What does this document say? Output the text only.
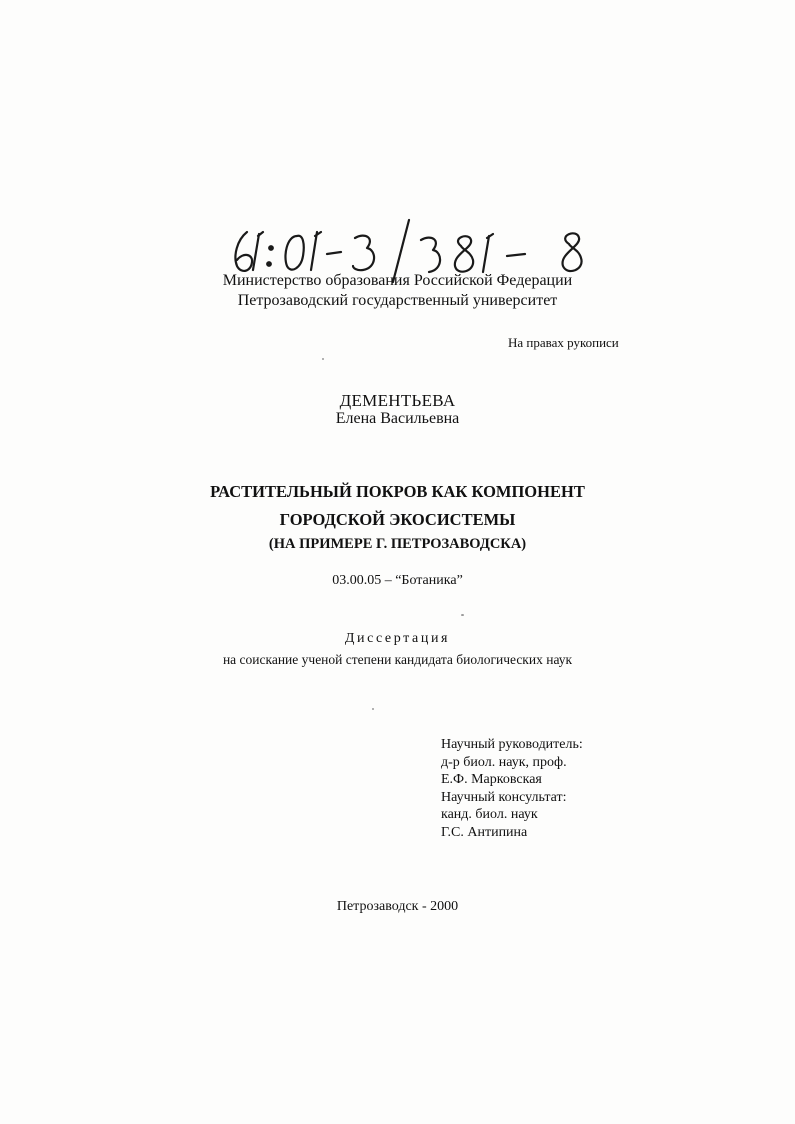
Министерство образования Российской Федерации
Петрозаводский государственный университет
На правах рукописи
ДЕМЕНТЬЕВА
Елена Васильевна
РАСТИТЕЛЬНЫЙ ПОКРОВ КАК КОМПОНЕНТ
ГОРОДСКОЙ ЭКОСИСТЕМЫ
(НА ПРИМЕРЕ Г. ПЕТРОЗАВОДСКА)
03.00.05 – “Ботаника”
Диссертация
на соискание ученой степени кандидата биологических наук
Научный руководитель:
д-р биол. наук, проф.
Е.Ф. Марковская
Научный консультат:
канд. биол. наук
Г.С. Антипина
Петрозаводск - 2000
